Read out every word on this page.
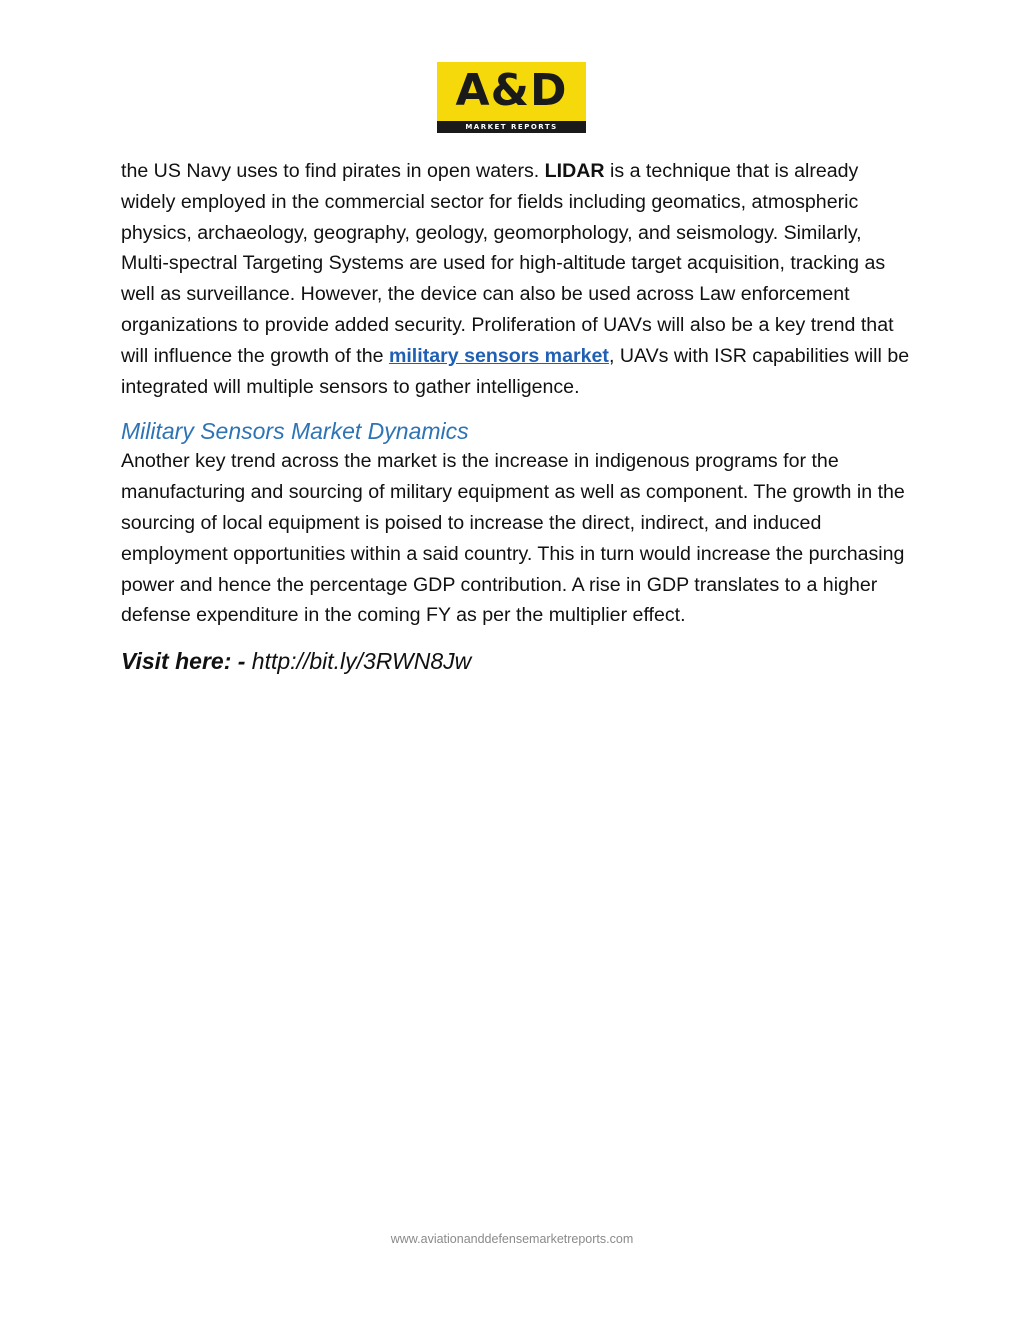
A&D
MARKET REPORTS

the US Navy uses to find pirates in open waters. LIDAR is a technique that is already widely employed in the commercial sector for fields including geomatics, atmospheric physics, archaeology, geography, geology, geomorphology, and seismology. Similarly, Multi-spectral Targeting Systems are used for high-altitude target acquisition, tracking as well as surveillance. However, the device can also be used across Law enforcement organizations to provide added security. Proliferation of UAVs will also be a key trend that will influence the growth of the military sensors market, UAVs with ISR capabilities will be integrated will multiple sensors to gather intelligence.

Military Sensors Market Dynamics

Another key trend across the market is the increase in indigenous programs for the manufacturing and sourcing of military equipment as well as component. The growth in the sourcing of local equipment is poised to increase the direct, indirect, and induced employment opportunities within a said country. This in turn would increase the purchasing power and hence the percentage GDP contribution. A rise in GDP translates to a higher defense expenditure in the coming FY as per the multiplier effect.

Visit here: - http://bit.ly/3RWN8Jw

www.aviationanddefensemarketreports.com
